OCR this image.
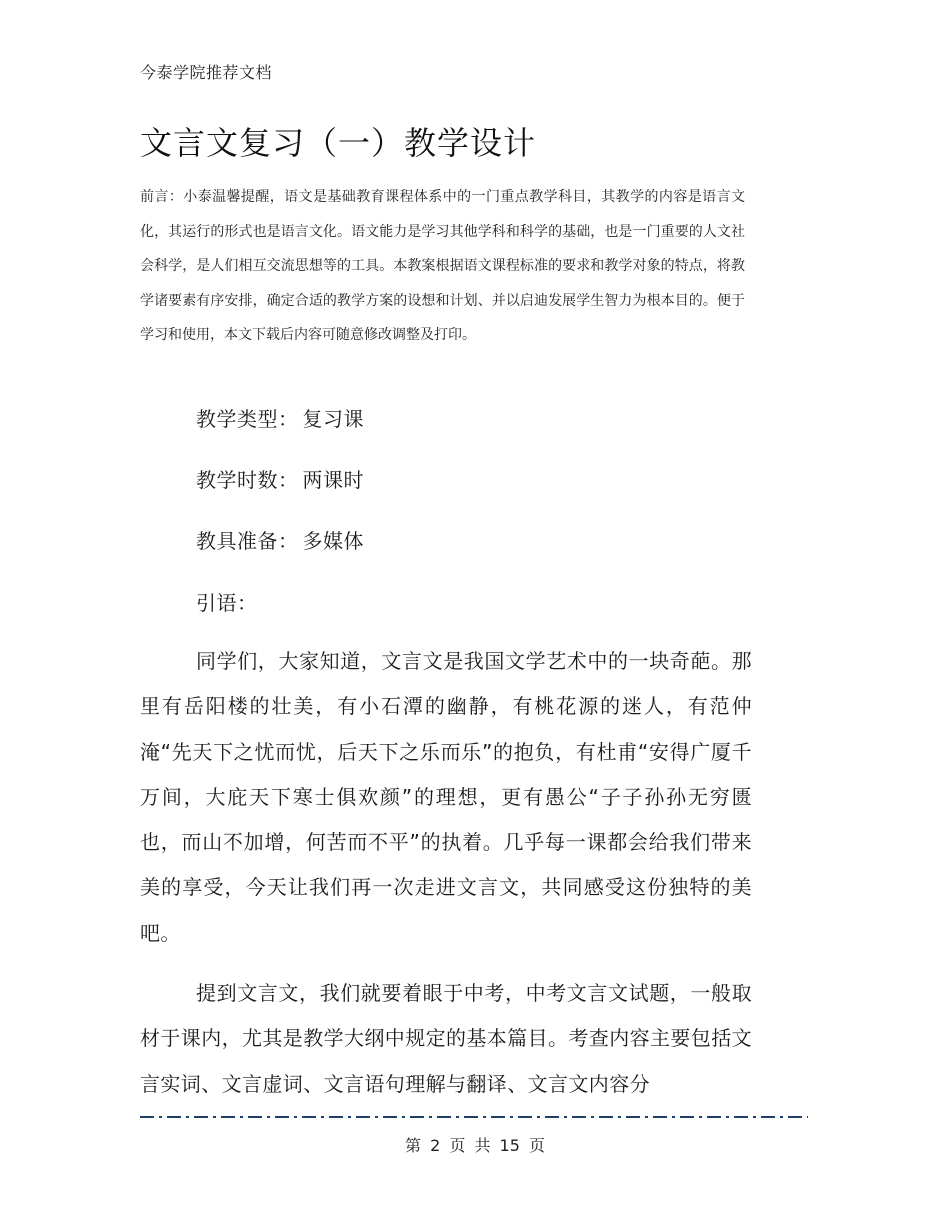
今泰学院推荐文档
文言文复习（一）教学设计
前言：小泰温馨提醒，语文是基础教育课程体系中的一门重点教学科目，其教学的内容是语言文化，其运行的形式也是语言文化。语文能力是学习其他学科和科学的基础，也是一门重要的人文社会科学，是人们相互交流思想等的工具。本教案根据语文课程标准的要求和教学对象的特点，将教学诸要素有序安排，确定合适的教学方案的设想和计划、并以启迪发展学生智力为根本目的。便于学习和使用，本文下载后内容可随意修改调整及打印。
教学类型： 复习课
教学时数： 两课时
教具准备： 多媒体
引语：
同学们，大家知道，文言文是我国文学艺术中的一块奇葩。那里有岳阳楼的壮美，有小石潭的幽静，有桃花源的迷人，有范仲淹“先天下之忧而忧，后天下之乐而乐”的抱负，有杜甫“安得广厦千万间，大庇天下寒士俱欢颜”的理想，更有愚公“子子孙孙无穷匮也，而山不加增，何苦而不平”的执着。几乎每一课都会给我们带来美的享受，今天让我们再一次走进文言文，共同感受这份独特的美吧。
提到文言文，我们就要着眼于中考，中考文言文试题，一般取材于课内，尤其是教学大纲中规定的基本篇目。考查内容主要包括文言实词、文言虚词、文言语句理解与翻译、文言文内容分
第 2 页 共 15 页
